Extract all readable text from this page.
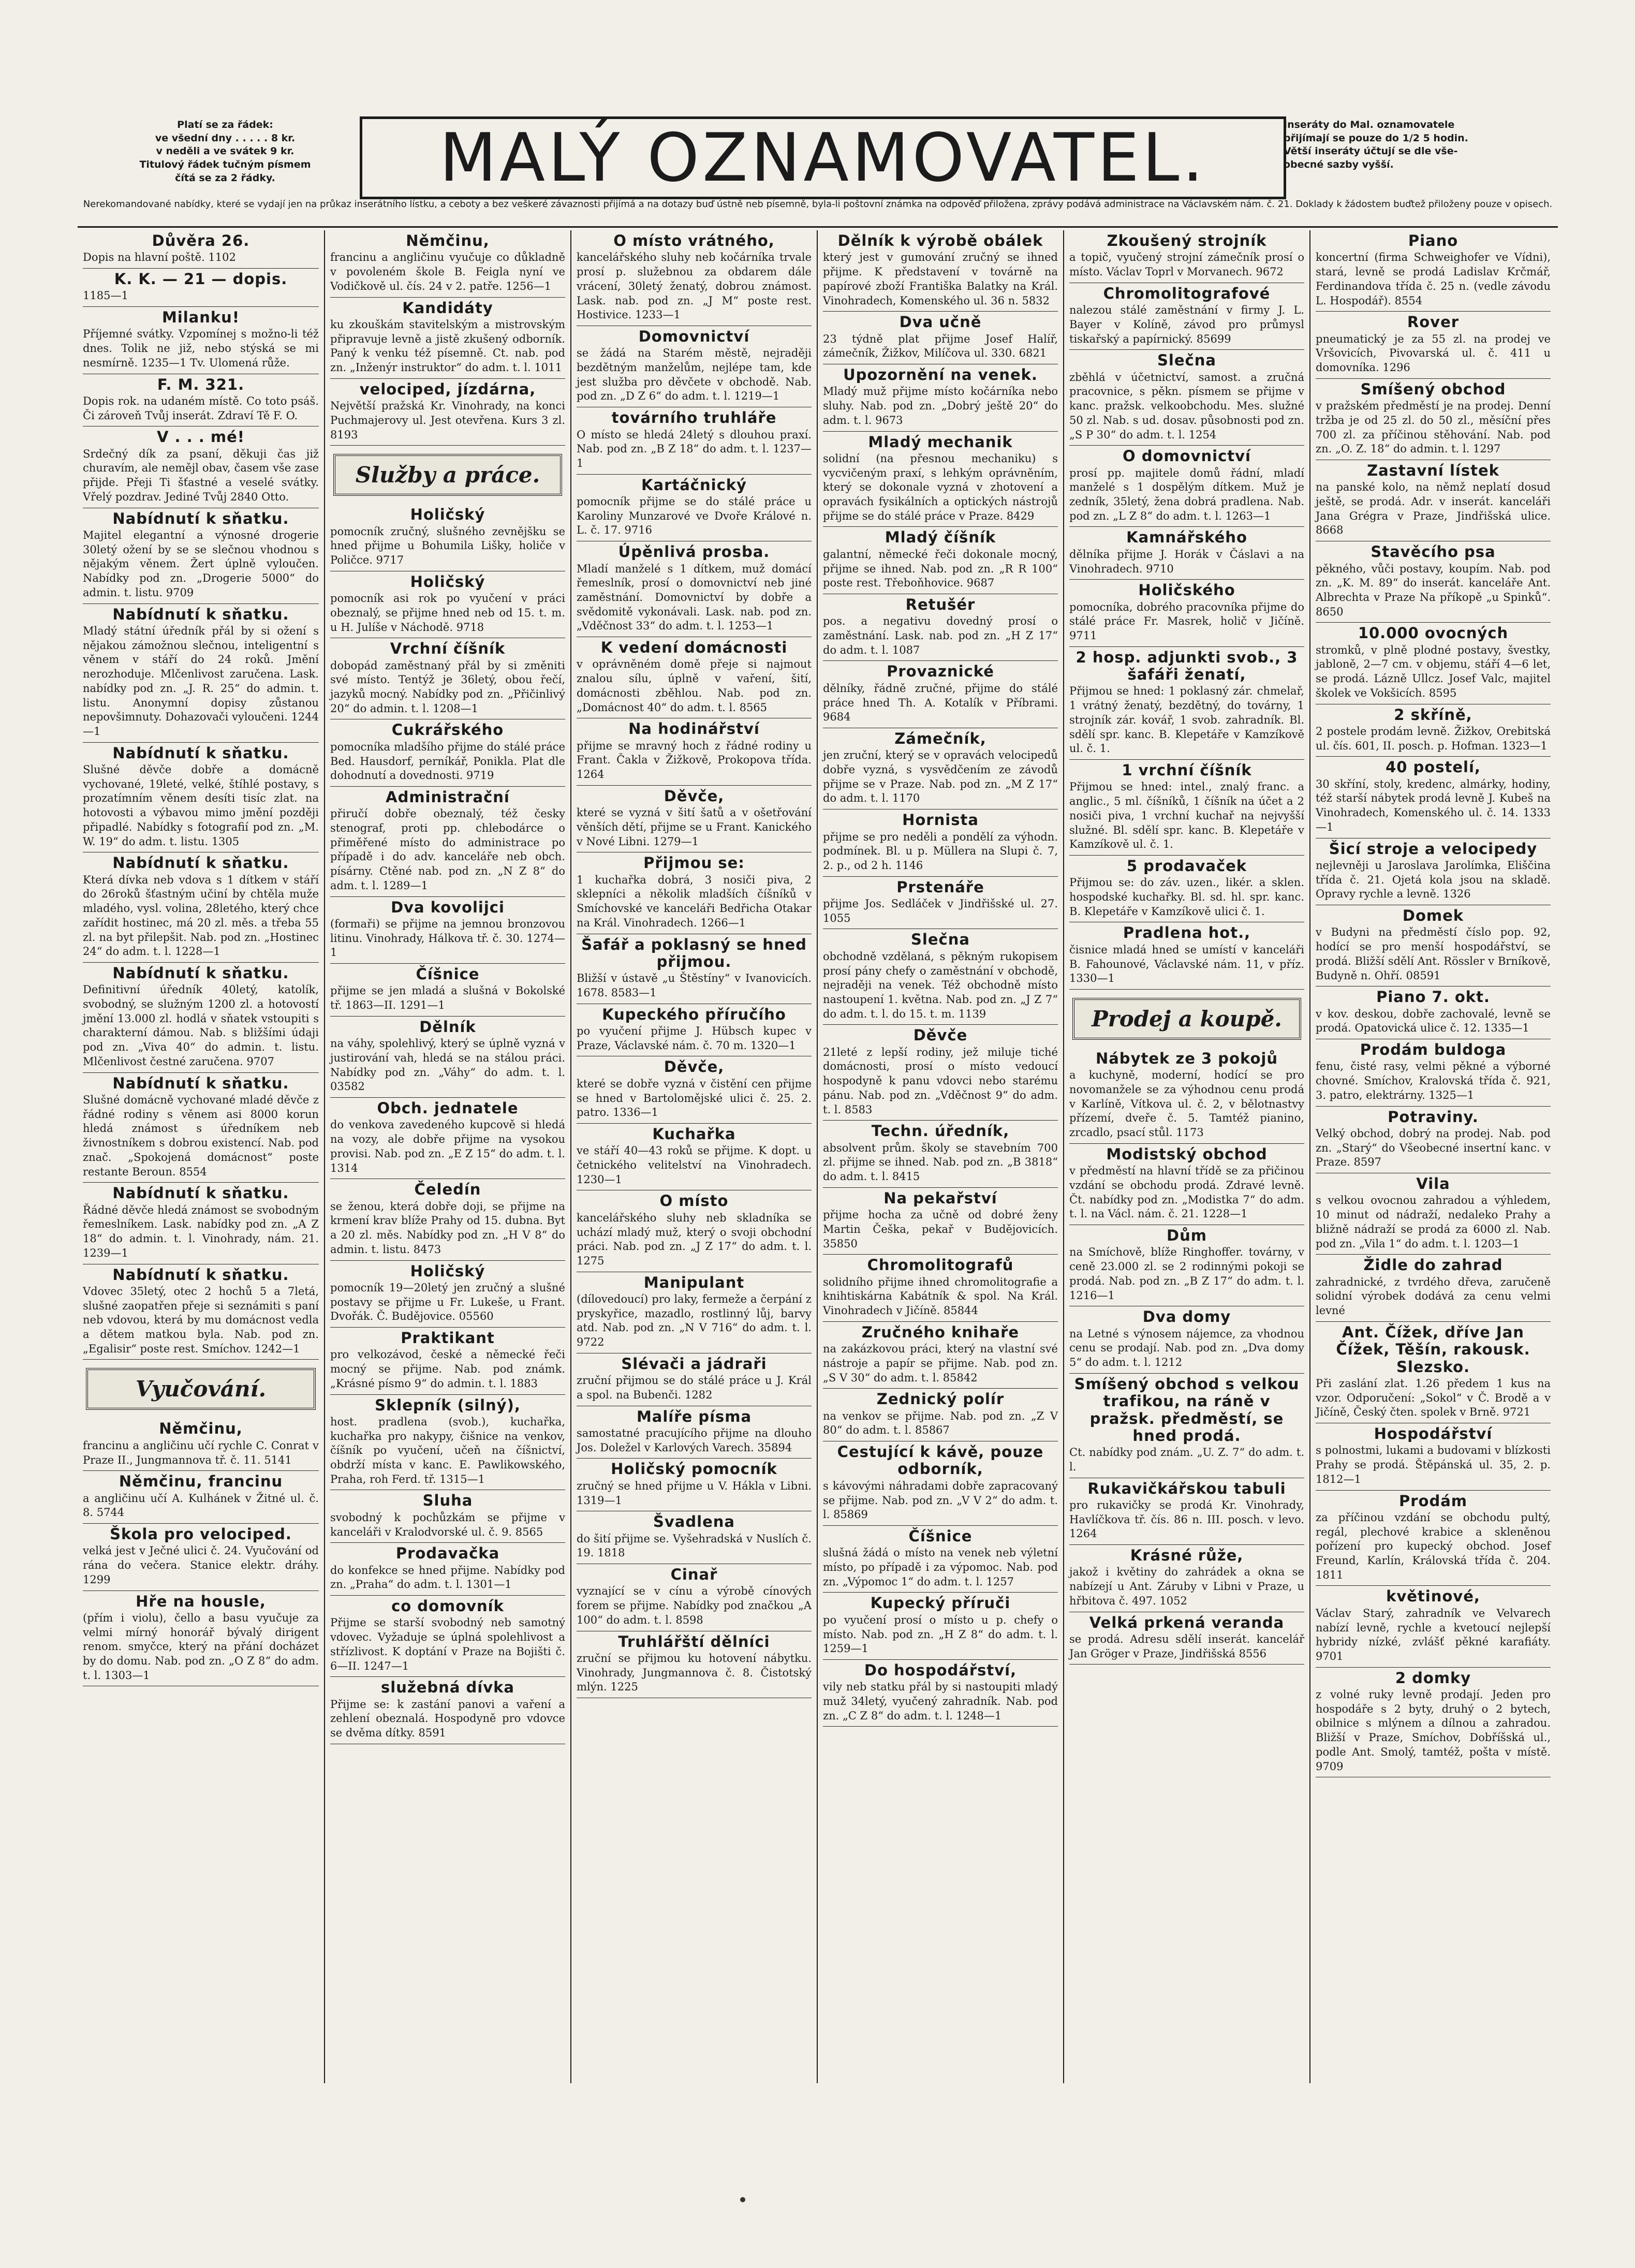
Platí se za řádek:
ve všední dny . . . . . 8 kr.
v neděli a ve svátek 9 kr.
Titulový řádek tučným písmem
čítá se za 2 řádky.	MALÝ OZNAMOVATEL.	Inseráty do Mal. oznamovatele
přijímají se pouze do 1/2 5 hodin.
Větší inseráty účtují se dle vše-
obecné sazby vyšší.
Nerekomandované nabídky, které se vydají jen na průkaz inserátního lístku, a ceboty a bez veškeré závaznosti přijímá a na dotazy buď ústně neb písemně, byla-li poštovní známka na odpověď přiložena, zprávy podává administrace na Václavském nám. č. 21. Doklady k žádostem buďtež přiloženy pouze v opisech.
Důvěra 26.
Dopis na hlavní poště. 1102
K. K. — 21 — dopis.
1185—1
Milanku!
Příjemné svátky. Vzpomínej s možno-li též dnes. Tolik ne již, nebo stýská se mi nesmírně. 1235—1 Tv. Ulomená růže.
F. M. 321.
Dopis rok. na udaném místě. Co toto psáš. Či zároveň Tvůj inserát. Zdraví Tě F. O.
V . . . mé!
Srdečný dík za psaní, děkuji čas již churavím, ale nemějl obav, časem vše zase přijde. Přeji Ti šťastné a veselé svátky. Vřelý pozdrav. Jediné Tvůj 2840 Otto.
Nabídnutí k sňatku.
Majitel elegantní a výnosné drogerie 30letý ožení by se se slečnou vhodnou s nějakým věnem. Žert úplně vyloučen. Nabídky pod zn. „Drogerie 5000“ do admin. t. listu. 9709
Nabídnutí k sňatku.
Mladý státní úředník přál by si ožení s nějakou zámožnou slečnou, inteligentní s věnem v stáří do 24 roků. Jmění nerozhoduje. Mlčenlivost zaručena. Lask. nabídky pod zn. „J. R. 25“ do admin. t. listu. Anonymní dopisy zůstanou nepovšimnuty. Dohazovači vyloučeni. 1244—1
Nabídnutí k sňatku.
Slušné děvče dobře a domácně vychované, 19leté, velké, štíhlé postavy, s prozatímním věnem desíti tisíc zlat. na hotovosti a výbavou mimo jmění později připadlé. Nabídky s fotografií pod zn. „M. W. 19“ do adm. t. listu. 1305
Nabídnutí k sňatku.
Která dívka neb vdova s 1 dítkem v stáří do 26roků šťastným učiní by chtěla muže mladého, vysl. volina, 28letého, který chce zařídit hostinec, má 20 zl. měs. a třeba 55 zl. na byt přilepšit. Nab. pod zn. „Hostinec 24“ do adm. t. l. 1228—1
Nabídnutí k sňatku.
Definitivní úředník 40letý, katolík, svobodný, se služným 1200 zl. a hotovostí jmění 13.000 zl. hodlá v sňatek vstoupiti s charakterní dámou. Nab. s bližšími údaji pod zn. „Viva 40“ do admin. t. listu. Mlčenlivost čestné zaručena. 9707
Nabídnutí k sňatku.
Slušné domácně vychované mladé děvče z řádné rodiny s věnem asi 8000 korun hledá známost s úředníkem neb živnostníkem s dobrou existencí. Nab. pod znač. „Spokojená domácnost“ poste restante Beroun. 8554
Nabídnutí k sňatku.
Řádné děvče hledá známost se svobodným řemeslníkem. Lask. nabídky pod zn. „A Z 18“ do admin. t. l. Vinohrady, nám. 21. 1239—1
Nabídnutí k sňatku.
Vdovec 35letý, otec 2 hochů 5 a 7letá, slušné zaopatřen přeje si seznámiti s paní neb vdovou, která by mu domácnost vedla a dětem matkou byla. Nab. pod zn. „Egalisir“ poste rest. Smíchov. 1242—1
Vyučování.
Němčinu,
francinu a angličinu učí rychle C. Conrat v Praze II., Jungmannova tř. č. 11. 5141
Němčinu, francinu
a angličinu učí A. Kulhánek v Žitné ul. č. 8. 5744
Škola pro velociped.
velká jest v Ječné ulici č. 24. Vyučování od rána do večera. Stanice elektr. dráhy. 1299
Hře na housle,
(přím i violu), čello a basu vyučuje za velmi mírný honorář bývalý dirigent renom. smyčce, který na přání docházet by do domu. Nab. pod zn. „O Z 8“ do adm. t. l. 1303—1
Němčinu,
francinu a angličinu vyučuje co důkladně v povoleném škole B. Feigla nyní ve Vodičkově ul. čís. 24 v 2. patře. 1256—1
Kandidáty
ku zkouškám stavitelským a mistrovským připravuje levně a jistě zkušený odborník. Paný k venku též písemně. Ct. nab. pod zn. „Inženýr instruktor“ do adm. t. l. 1011
velociped, jízdárna,
Největší pražská Kr. Vinohrady, na konci Puchmajerovy ul. Jest otevřena. Kurs 3 zl. 8193
Služby a práce.
Holičský
pomocník zručný, slušného zevnějšku se hned přijme u Bohumila Lišky, holiče v Poličce. 9717
Holičský
pomocník asi rok po vyučení v práci obeznalý, se přijme hned neb od 15. t. m. u H. Julíše v Náchodě. 9718
Vrchní číšník
dobopád zaměstnaný přál by si změniti své místo. Tentýž je 36letý, obou řečí, jazyků mocný. Nabídky pod zn. „Přičinlivý 20“ do admin. t. l. 1208—1
Cukrářského
pomocníka mladšího přijme do stálé práce Bed. Hausdorf, perníkář, Ponikla. Plat dle dohodnutí a dovednosti. 9719
Administrační
přiručí dobře obeznalý, též česky stenograf, proti pp. chlebodárce o přiměřené místo do administrace po případě i do adv. kanceláře neb obch. písárny. Ctěné nab. pod zn. „N Z 8“ do adm. t. l. 1289—1
Dva kovolijci
(formaři) se přijme na jemnou bronzovou litinu. Vinohrady, Hálkova tř. č. 30. 1274—1
Číšnice
přijme se jen mladá a slušná v Bokolské tř. 1863—II. 1291—1
Dělník
na váhy, spolehlivý, který se úplně vyzná v justirování vah, hledá se na stálou práci. Nabídky pod zn. „Váhy“ do adm. t. l. 03582
Obch. jednatele
do venkova zavedeného kupcově si hledá na vozy, ale dobře přijme na vysokou provisi. Nab. pod zn. „E Z 15“ do adm. t. l. 1314
Čeledín
se ženou, která dobře doji, se přijme na krmení krav blíže Prahy od 15. dubna. Byt a 20 zl. měs. Nabídky pod zn. „H V 8“ do admin. t. listu. 8473
Holičský
pomocník 19—20letý jen zručný a slušné postavy se přijme u Fr. Lukeše, u Frant. Dvořák. Č. Budějovice. 05560
Praktikant
pro velkozávod, české a německé řeči mocný se přijme. Nab. pod známk. „Krásné písmo 9“ do admin. t. l. 1883
Sklepník (silný),
host. pradlena (svob.), kuchařka, kuchařka pro nakypy, čišnice na venkov, číšník po vyučení, učeň na číšnictví, obdrží místa v kanc. E. Pawlikowského, Praha, roh Ferd. tř. 1315—1
Sluha
svobodný k pochůzkám se přijme v kanceláři v Kralodvorské ul. č. 9. 8565
Prodavačka
do konfekce se hned přijme. Nabídky pod zn. „Praha“ do adm. t. l. 1301—1
co domovník
Přijme se starší svobodný neb samotný vdovec. Vyžaduje se úplná spolehlivost a střízlivost. K doptání v Praze na Bojišti č. 6—II. 1247—1
služebná dívka
Přijme se: k zastání panovi a vaření a zehlení obeznalá. Hospodyně pro vdovce se dvěma dítky. 8591
O místo vrátného,
kancelářského sluhy neb kočárníka trvale prosí p. služebnou za obdarem dále vrácení, 30letý ženatý, dobrou známost. Lask. nab. pod zn. „J M“ poste rest. Hostivice. 1233—1
Domovnictví
se žádá na Starém městě, nejraději bezdětným manželům, nejlépe tam, kde jest služba pro děvčete v obchodě. Nab. pod zn. „D Z 6“ do adm. t. l. 1219—1
továrního truhláře
O místo se hledá 24letý s dlouhou praxí. Nab. pod zn. „B Z 18“ do adm. t. l. 1237—1
Kartáčnický
pomocník přijme se do stálé práce u Karoliny Munzarové ve Dvoře Králové n. L. č. 17. 9716
Úpěnlivá prosba.
Mladí manželé s 1 dítkem, muž domácí řemeslník, prosí o domovnictví neb jiné zaměstnání. Domovnictví by dobře a svědomitě vykonávali. Lask. nab. pod zn. „Vděčnost 33“ do adm. t. l. 1253—1
K vedení domácnosti
v oprávněném domě přeje si najmout znalou sílu, úplně v vaření, šití, domácnosti zběhlou. Nab. pod zn. „Domácnost 40“ do adm. t. l. 8565
Na hodinářství
přijme se mravný hoch z řádné rodiny u Frant. Čakla v Žižkově, Prokopova třída. 1264
Děvče,
které se vyzná v šití šatů a v ošetřování věnších dětí, přijme se u Frant. Kanického v Nové Libni. 1279—1
Přijmou se:
1 kuchařka dobrá, 3 nosiči piva, 2 sklepníci a několik mladších číšníků v Smíchovské ve kanceláři Bedřicha Otakar na Král. Vinohradech. 1266—1
Šafář a poklasný se hned přijmou.
Bližší v ústavě „u Štěstíny“ v Ivanovicích. 1678. 8583—1
Kupeckého příručího
po vyučení přijme J. Hübsch kupec v Praze, Václavské nám. č. 70 m. 1320—1
Děvče,
které se dobře vyzná v čistění cen přijme se hned v Bartolomějské ulici č. 25. 2. patro. 1336—1
Kuchařka
ve stáří 40—43 roků se přijme. K dopt. u četnického velitelství na Vinohradech. 1230—1
O místo
kancelářského sluhy neb skladníka se uchází mladý muž, který o svoji obchodní práci. Nab. pod zn. „J Z 17“ do adm. t. l. 1275
Manipulant
(dílovedoucí) pro laky, fermeže a čerpání z pryskyřice, mazadlo, rostlinný lůj, barvy atd. Nab. pod zn. „N V 716“ do adm. t. l. 9722
Slévači a jádraři
zruční přijmou se do stálé práce u J. Král a spol. na Bubenči. 1282
Malíře písma
samostatné pracujícího přijme na dlouho Jos. Doležel v Karlových Varech. 35894
Holičský pomocník
zručný se hned přijme u V. Hákla v Libni. 1319—1
Švadlena
do šití přijme se. Vyšehradská v Nuslích č. 19. 1818
Cinař
vyznající se v cínu a výrobě cínových forem se přijme. Nabídky pod značkou „A 100“ do adm. t. l. 8598
Truhlářští dělníci
zruční se přijmou ku hotovení nábytku. Vinohrady, Jungmannova č. 8. Čistotský mlýn. 1225
Dělník k výrobě obálek
který jest v gumování zručný se ihned přijme. K představení v továrně na papírové zboží Františka Balatky na Král. Vinohradech, Komenského ul. 36 n. 5832
Dva učně
23 týdně plat přijme Josef Halíř, zámečník, Žižkov, Milíčova ul. 330. 6821
Upozornění na venek.
Mladý muž přijme místo kočárníka nebo sluhy. Nab. pod zn. „Dobrý ještě 20“ do adm. t. l. 9673
Mladý mechanik
solidní (na přesnou mechaniku) s vycvičeným praxí, s lehkým oprávněním, který se dokonale vyzná v zhotovení a opravách fysikálních a optických nástrojů přijme se do stálé práce v Praze. 8429
Mladý číšník
galantní, německé řeči dokonale mocný, přijme se ihned. Nab. pod zn. „R R 100“ poste rest. Třeboňhovice. 9687
Retušér
pos. a negativu dovedný prosí o zaměstnání. Lask. nab. pod zn. „H Z 17“ do adm. t. l. 1087
Provaznické
dělníky, řádně zručné, přijme do stálé práce hned Th. A. Kotalík v Příbrami. 9684
Zámečník,
jen zruční, který se v opravách velocipedů dobře vyzná, s vysvědčením ze závodů přijme se v Praze. Nab. pod zn. „M Z 17“ do adm. t. l. 1170
Hornista
přijme se pro neděli a pondělí za výhodn. podmínek. Bl. u p. Müllera na Slupi č. 7, 2. p., od 2 h. 1146
Prstenáře
přijme Jos. Sedláček v Jindřišské ul. 27. 1055
Slečna
obchodně vzdělaná, s pěkným rukopisem prosí pány chefy o zaměstnání v obchodě, nejraději na venek. Též obchodně místo nastoupení 1. května. Nab. pod zn. „J Z 7“ do adm. t. l. do 15. t. m. 1139
Děvče
21leté z lepší rodiny, jež miluje tiché domácnosti, prosí o místo vedoucí hospodyně k panu vdovci nebo starému pánu. Nab. pod zn. „Vděčnost 9“ do adm. t. l. 8583
Techn. úředník,
absolvent prům. školy se stavebním 700 zl. přijme se ihned. Nab. pod zn. „B 3818“ do adm. t. l. 8415
Na pekařství
přijme hocha za učně od dobré ženy Martin Češka, pekař v Budějovicích. 35850
Chromolitografů
solidního přijme ihned chromolitografie a knihtiskárna Kabátník & spol. Na Král. Vinohradech v Jičíně. 85844
Zručného knihaře
na zakázkovou práci, který na vlastní své nástroje a papír se přijme. Nab. pod zn. „S V 30“ do adm. t. l. 85842
Zednický polír
na venkov se přijme. Nab. pod zn. „Z V 80“ do adm. t. l. 85867
Cestující k kávě, pouze odborník,
s kávovými náhradami dobře zapracovaný se přijme. Nab. pod zn. „V V 2“ do adm. t. l. 85869
Číšnice
slušná žádá o místo na venek neb výletní místo, po případě i za výpomoc. Nab. pod zn. „Výpomoc 1“ do adm. t. l. 1257
Kupecký příruči
po vyučení prosí o místo u p. chefy o místo. Nab. pod zn. „H Z 8“ do adm. t. l. 1259—1
Do hospodářství,
vily neb statku přál by si nastoupiti mladý muž 34letý, vyučený zahradník. Nab. pod zn. „C Z 8“ do adm. t. l. 1248—1
Zkoušený strojník
a topič, vyučený strojní zámečník prosí o místo. Václav Toprl v Morvanech. 9672
Chromolitografové
nalezou stálé zaměstnání v firmy J. L. Bayer v Kolíně, závod pro průmysl tiskařský a papírnický. 85699
Slečna
zběhlá v účetnictví, samost. a zručná pracovnice, s pěkn. písmem se přijme v kanc. pražsk. velkoobchodu. Mes. služné 50 zl. Nab. s ud. dosav. působnosti pod zn. „S P 30“ do adm. t. l. 1254
O domovnictví
prosí pp. majitele domů řádní, mladí manželé s 1 dospělým dítkem. Muž je zedník, 35letý, žena dobrá pradlena. Nab. pod zn. „L Z 8“ do adm. t. l. 1263—1
Kamnářského
dělníka přijme J. Horák v Čáslavi a na Vinohradech. 9710
Holičského
pomocníka, dobrého pracovníka přijme do stálé práce Fr. Masrek, holič v Jičíně. 9711
2 hosp. adjunkti svob., 3 šafáři ženatí,
Přijmou se hned: 1 poklasný zár. chmelař, 1 vrátný ženatý, bezdětný, do továrny, 1 strojník zár. kovář, 1 svob. zahradník. Bl. sdělí spr. kanc. B. Klepetáře v Kamzíkově ul. č. 1.
1 vrchní číšník
Přijmou se hned: intel., znalý franc. a anglic., 5 ml. číšníků, 1 číšník na účet a 2 nosiči piva, 1 vrchní kuchař na nejvyšší služné. Bl. sdělí spr. kanc. B. Klepetáře v Kamzíkově ul. č. 1.
5 prodavaček
Přijmou se: do záv. uzen., likér. a sklen. hospodské kuchařky. Bl. sd. hl. spr. kanc. B. Klepetáře v Kamzíkově ulici č. 1.
Pradlena hot.,
čisnice mladá hned se umístí v kanceláři B. Fahounové, Václavské nám. 11, v příz. 1330—1
Prodej a koupě.
Nábytek ze 3 pokojů
a kuchyně, moderní, hodící se pro novomanžele se za výhodnou cenu prodá v Karlíně, Vítkova ul. č. 2, v bělotnastvy přízemí, dveře č. 5. Tamtéž pianino, zrcadlo, psací stůl. 1173
Modistský obchod
v předměstí na hlavní třídě se za přičinou vzdání se obchodu prodá. Zdravé levně. Čt. nabídky pod zn. „Modistka 7“ do adm. t. l. na Václ. nám. č. 21. 1228—1
Dům
na Smíchově, blíže Ringhoffer. továrny, v ceně 23.000 zl. se 2 rodinnými pokoji se prodá. Nab. pod zn. „B Z 17“ do adm. t. l. 1216—1
Dva domy
na Letné s výnosem nájemce, za vhodnou cenu se prodají. Nab. pod zn. „Dva domy 5“ do adm. t. l. 1212
Smíšený obchod s velkou trafikou, na ráně v pražsk. předměstí, se hned prodá.
Ct. nabídky pod znám. „U. Z. 7“ do adm. t. l.
Rukavičkářskou tabuli
pro rukavičky se prodá Kr. Vinohrady, Havlíčkova tř. čís. 86 n. III. posch. v levo. 1264
Krásné růže,
jakož i květiny do zahrádek a okna se nabízejí u Ant. Záruby v Libni v Praze, u hřbitova č. 497. 1052
Velká prkená veranda
se prodá. Adresu sdělí inserát. kancelář Jan Gröger v Praze, Jindřišská 8556
Piano
koncertní (firma Schweighofer ve Vídni), stará, levně se prodá Ladislav Krčmář, Ferdinandova třída č. 25 n. (vedle závodu L. Hospodář). 8554
Rover
pneumatický je za 55 zl. na prodej ve Vršovicích, Pivovarská ul. č. 411 u domovníka. 1296
Smíšený obchod
v pražském předměstí je na prodej. Denní tržba je od 25 zl. do 50 zl., měsíční přes 700 zl. za příčinou stěhování. Nab. pod zn. „O. Z. 18“ do admin. t. l. 1297
Zastavní lístek
na panské kolo, na němž neplatí dosud ještě, se prodá. Adr. v inserát. kanceláři Jana Grégra v Praze, Jindřišská ulice. 8668
Stavěcího psa
pěkného, vůči postavy, koupím. Nab. pod zn. „K. M. 89“ do inserát. kanceláře Ant. Albrechta v Praze Na příkopě „u Spinků“. 8650
10.000 ovocných
stromků, v plně plodné postavy, švestky, jabloně, 2—7 cm. v objemu, stáří 4—6 let, se prodá. Lázně Ullcz. Josef Valc, majitel školek ve Vokšicích. 8595
2 skříně,
2 postele prodám levně. Žižkov, Orebitská ul. čís. 601, II. posch. p. Hofman. 1323—1
40 postelí,
30 skříní, stoly, kredenc, almárky, hodiny, též starší nábytek prodá levně J. Kubeš na Vinohradech, Komenského ul. č. 14. 1333—1
Šicí stroje a velocipedy
nejlevněji u Jaroslava Jarolímka, Eliščina třída č. 21. Ojetá kola jsou na skladě. Opravy rychle a levně. 1326
Domek
v Budyni na předměstí číslo pop. 92, hodící se pro menší hospodářství, se prodá. Bližší sdělí Ant. Rössler v Brníkově, Budyně n. Ohří. 08591
Piano 7. okt.
v kov. deskou, dobře zachovalé, levně se prodá. Opatovická ulice č. 12. 1335—1
Prodám buldoga
fenu, čisté rasy, velmi pěkné a výborné chovné. Smíchov, Kralovská třída č. 921, 3. patro, elektrárny. 1325—1
Potraviny.
Velký obchod, dobrý na prodej. Nab. pod zn. „Starý“ do Všeobecné insertní kanc. v Praze. 8597
Vila
s velkou ovocnou zahradou a výhledem, 10 minut od nádraží, nedaleko Prahy a bližně nádraží se prodá za 6000 zl. Nab. pod zn. „Vila 1“ do adm. t. l. 1203—1
Židle do zahrad
zahradnické, z tvrdého dřeva, zaručeně solidní výrobek dodává za cenu velmi levné
Ant. Čížek, dříve Jan Čížek, Těšín, rakousk. Slezsko.
Při zaslání zlat. 1.26 předem 1 kus na vzor. Odporučení: „Sokol“ v Č. Brodě a v Jičíně, Český čten. spolek v Brně. 9721
Hospodářství
s polnostmi, lukami a budovami v blízkosti Prahy se prodá. Štěpánská ul. 35, 2. p. 1812—1
Prodám
za příčinou vzdání se obchodu pultý, regál, plechové krabice a skleněnou pořízení pro kupecký obchod. Josef Freund, Karlín, Královská třída č. 204. 1811
květinové,
Václav Starý, zahradník ve Velvarech nabízí levně, rychle a kvetoucí nejlepší hybridy nízké, zvlášť pěkné karafiáty. 9701
2 domky
z volné ruky levně prodají. Jeden pro hospodáře s 2 byty, druhý o 2 bytech, obilnice s mlýnem a dílnou a zahradou. Bližší v Praze, Smíchov, Dobříšská ul., podle Ant. Smolý, tamtéž, pošta v místě. 9709
